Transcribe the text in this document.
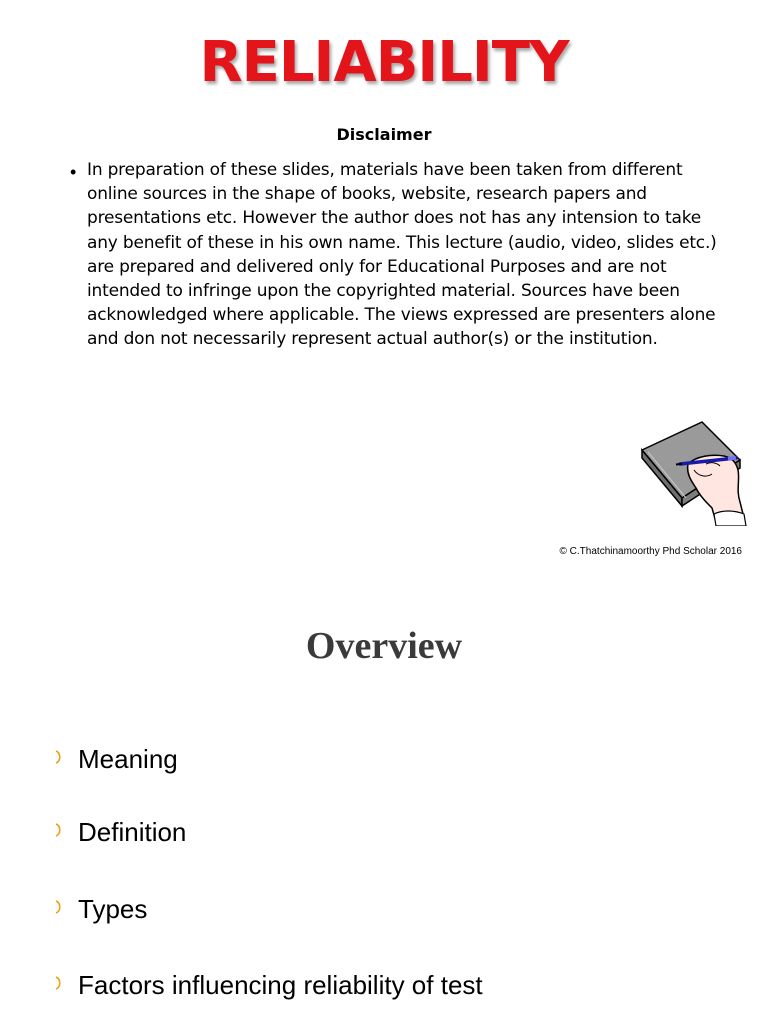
RELIABILITY
Disclaimer
• In preparation of these slides, materials have been taken from different online sources in the shape of books, website, research papers and presentations etc. However the author does not has any intension to take any benefit of these in his own name. This lecture (audio, video, slides etc.) are prepared and delivered only for Educational Purposes and are not intended to infringe upon the copyrighted material. Sources have been acknowledged where applicable. The views expressed are presenters alone and don not necessarily represent actual author(s) or the institution.

© C.Thatchinamoorthy Phd Scholar 2016
Overview
Meaning
Definition
Types
Factors influencing reliability of test
